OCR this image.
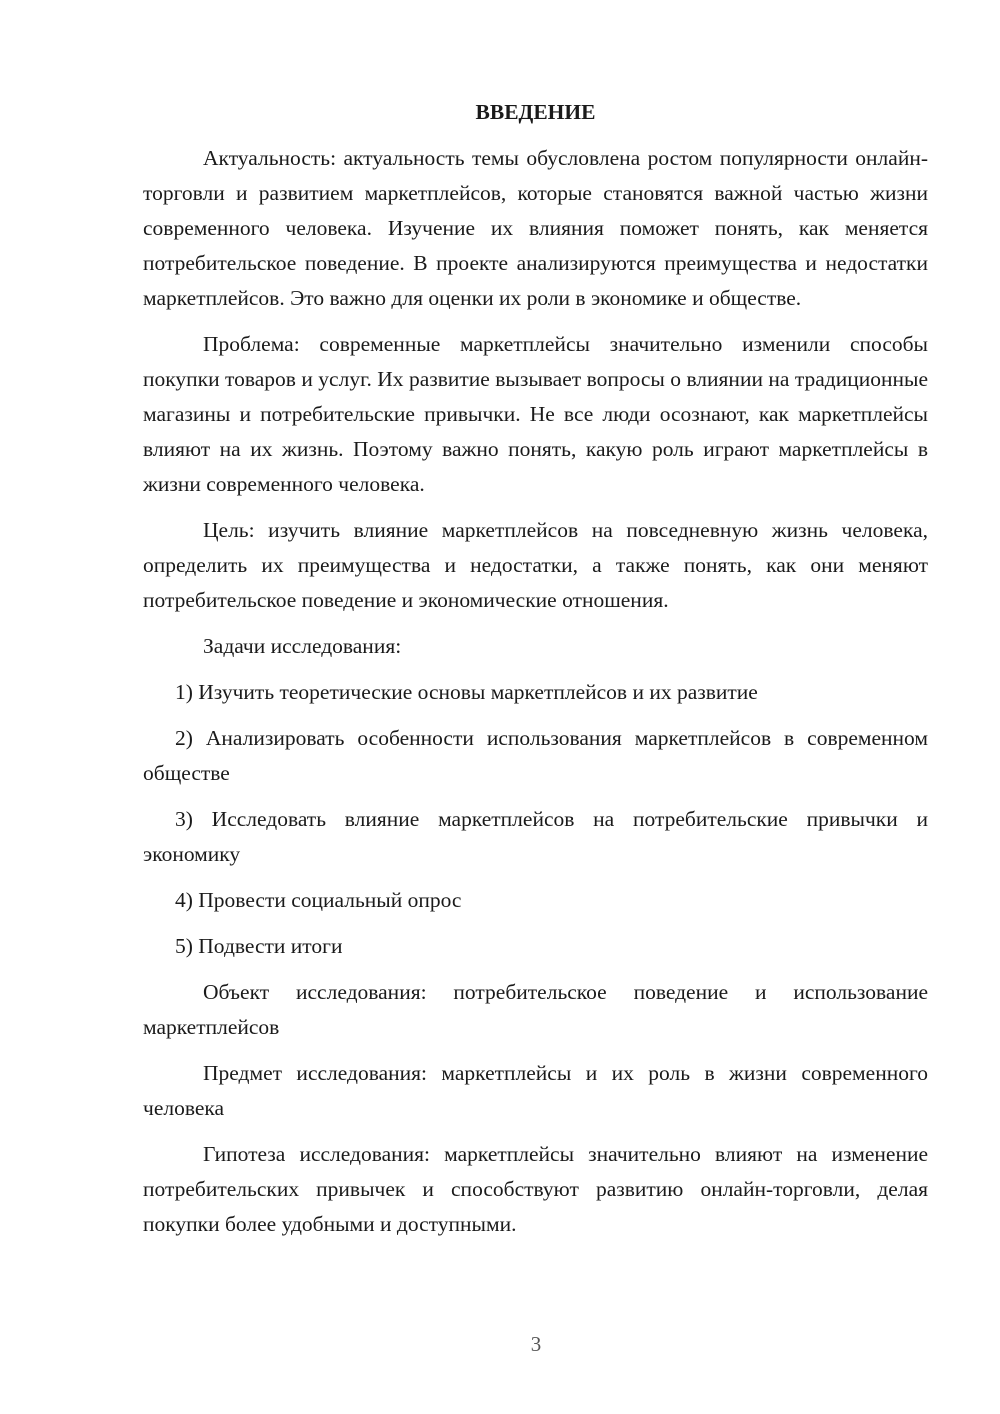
ВВЕДЕНИЕ

Актуальность: актуальность темы обусловлена ростом популярности онлайн-торговли и развитием маркетплейсов, которые становятся важной частью жизни современного человека. Изучение их влияния поможет понять, как меняется потребительское поведение. В проекте анализируются преимущества и недостатки маркетплейсов. Это важно для оценки их роли в экономике и обществе.

Проблема: современные маркетплейсы значительно изменили способы покупки товаров и услуг. Их развитие вызывает вопросы о влиянии на традиционные магазины и потребительские привычки. Не все люди осознают, как маркетплейсы влияют на их жизнь. Поэтому важно понять, какую роль играют маркетплейсы в жизни современного человека.

Цель: изучить влияние маркетплейсов на повседневную жизнь человека, определить их преимущества и недостатки, а также понять, как они меняют потребительское поведение и экономические отношения.

Задачи исследования:

1) Изучить теоретические основы маркетплейсов и их развитие

2) Анализировать особенности использования маркетплейсов в современном обществе

3) Исследовать влияние маркетплейсов на потребительские привычки и экономику

4) Провести социальный опрос

5) Подвести итоги

Объект исследования: потребительское поведение и использование маркетплейсов

Предмет исследования: маркетплейсы и их роль в жизни современного человека

Гипотеза исследования: маркетплейсы значительно влияют на изменение потребительских привычек и способствуют развитию онлайн-торговли, делая покупки более удобными и доступными.

3
